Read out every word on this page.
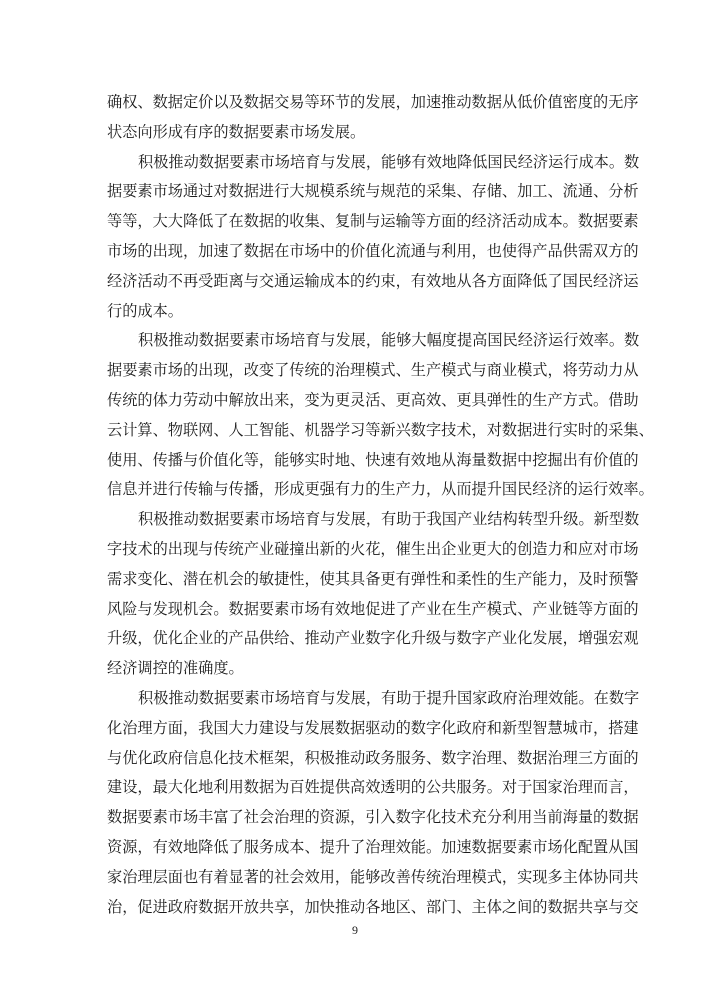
确权、数据定价以及数据交易等环节的发展，加速推动数据从低价值密度的无序
状态向形成有序的数据要素市场发展。
积极推动数据要素市场培育与发展，能够有效地降低国民经济运行成本。数
据要素市场通过对数据进行大规模系统与规范的采集、存储、加工、流通、分析
等等，大大降低了在数据的收集、复制与运输等方面的经济活动成本。数据要素
市场的出现，加速了数据在市场中的价值化流通与利用，也使得产品供需双方的
经济活动不再受距离与交通运输成本的约束，有效地从各方面降低了国民经济运
行的成本。
积极推动数据要素市场培育与发展，能够大幅度提高国民经济运行效率。数
据要素市场的出现，改变了传统的治理模式、生产模式与商业模式，将劳动力从
传统的体力劳动中解放出来，变为更灵活、更高效、更具弹性的生产方式。借助
云计算、物联网、人工智能、机器学习等新兴数字技术，对数据进行实时的采集、
使用、传播与价值化等，能够实时地、快速有效地从海量数据中挖掘出有价值的
信息并进行传输与传播，形成更强有力的生产力，从而提升国民经济的运行效率。
积极推动数据要素市场培育与发展，有助于我国产业结构转型升级。新型数
字技术的出现与传统产业碰撞出新的火花，催生出企业更大的创造力和应对市场
需求变化、潜在机会的敏捷性，使其具备更有弹性和柔性的生产能力，及时预警
风险与发现机会。数据要素市场有效地促进了产业在生产模式、产业链等方面的
升级，优化企业的产品供给、推动产业数字化升级与数字产业化发展，增强宏观
经济调控的准确度。
积极推动数据要素市场培育与发展，有助于提升国家政府治理效能。在数字
化治理方面，我国大力建设与发展数据驱动的数字化政府和新型智慧城市，搭建
与优化政府信息化技术框架，积极推动政务服务、数字治理、数据治理三方面的
建设，最大化地利用数据为百姓提供高效透明的公共服务。对于国家治理而言，
数据要素市场丰富了社会治理的资源，引入数字化技术充分利用当前海量的数据
资源，有效地降低了服务成本、提升了治理效能。加速数据要素市场化配置从国
家治理层面也有着显著的社会效用，能够改善传统治理模式，实现多主体协同共
治，促进政府数据开放共享，加快推动各地区、部门、主体之间的数据共享与交
9
